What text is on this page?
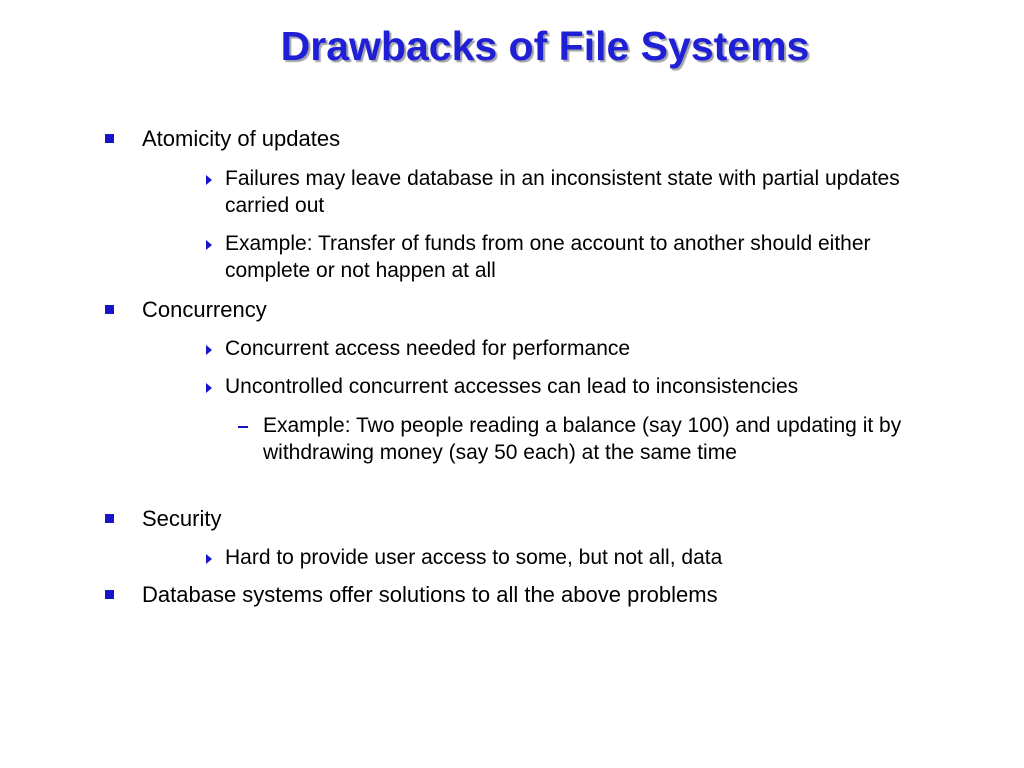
Drawbacks of File Systems
Atomicity of updates
Failures may leave database in an inconsistent state with partial updates carried out
Example: Transfer of funds from one account to another should either complete or not happen at all
Concurrency
Concurrent access needed for performance
Uncontrolled concurrent accesses can lead to inconsistencies
Example: Two people reading a balance (say 100) and updating it by withdrawing money (say 50 each) at the same time
Security
Hard to provide user access to some, but not all, data
Database systems offer solutions to all the above problems
